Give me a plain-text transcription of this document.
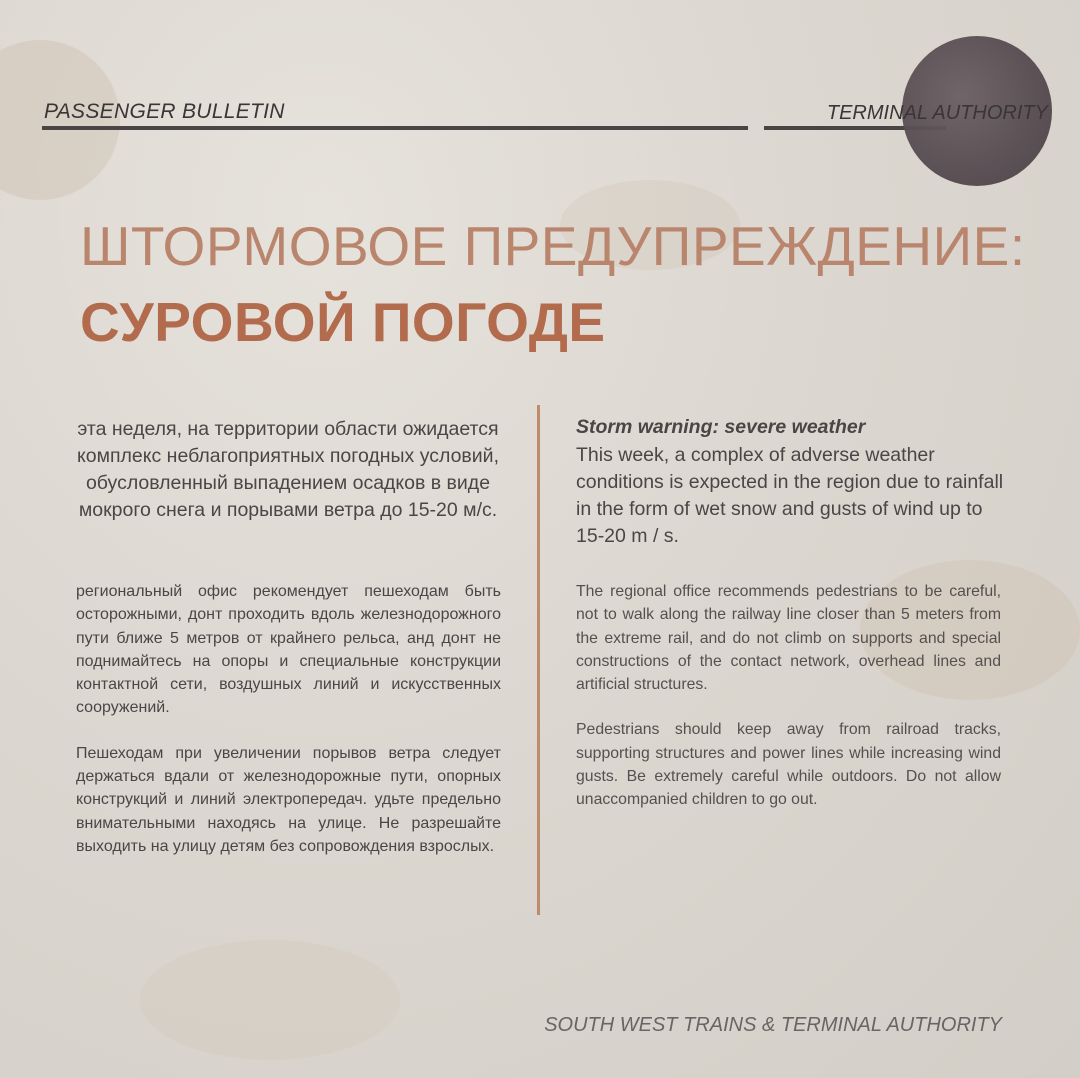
PASSENGER BULLETIN	TERMINAL AUTHORITY
ШТОРМОВОЕ ПРЕДУПРЕЖДЕНИЕ:
СУРОВОЙ ПОГОДЕ
эта неделя, на территории области ожидается комплекс неблагоприятных погодных условий, обусловленный выпадением осадков в виде мокрого снега и порывами ветра до 15-20 м/с.

региональный офис рекомендует пешеходам быть осторожными, донт проходить вдоль железнодорожного пути ближе 5 метров от крайнего рельса, анд донт не поднимайтесь на опоры и специальные конструкции контактной сети, воздушных линий и искусственных сооружений.

Пешеходам при увеличении порывов ветра следует держаться вдали от железнодорожные пути, опорных конструкций и линий электропередач. удьте предельно внимательными находясь на улице. Не разрешайте выходить на улицу детям без сопровождения взрослых.

Storm warning: severe weather
This week, a complex of adverse weather conditions is expected in the region due to rainfall in the form of wet snow and gusts of wind up to 15-20 m / s.

The regional office recommends pedestrians to be careful, not to walk along the railway line closer than 5 meters from the extreme rail, and do not climb on supports and special constructions of the contact network, overhead lines and artificial structures.

Pedestrians should keep away from railroad tracks, supporting structures and power lines while increasing wind gusts. Be extremely careful while outdoors. Do not allow unaccompanied children to go out.

SOUTH WEST TRAINS & TERMINAL AUTHORITY
